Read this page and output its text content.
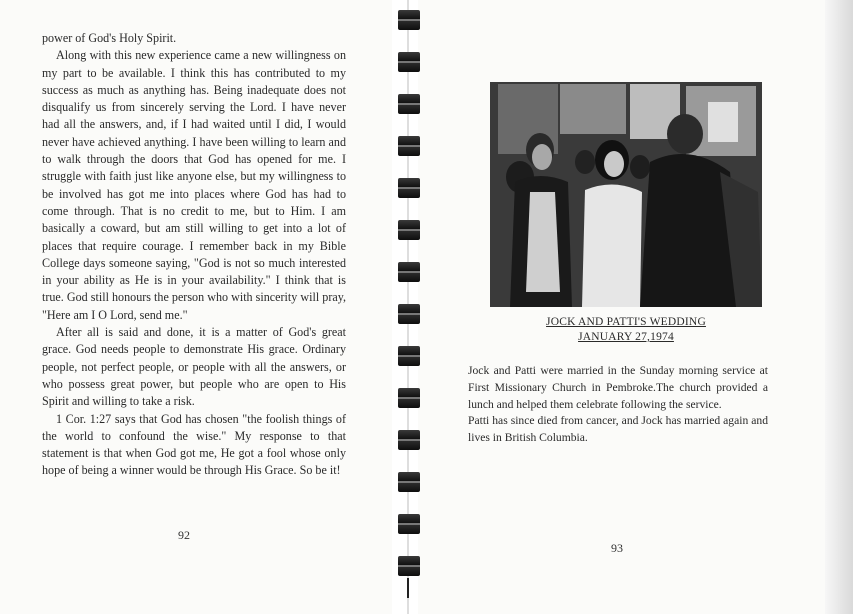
power of God's Holy Spirit.

Along with this new experience came a new willingness on my part to be available. I think this has contributed to my success as much as anything has. Being inadequate does not disqualify us from sincerely serving the Lord. I have never had all the answers, and, if I had waited until I did, I would never have achieved anything. I have been willing to learn and to walk through the doors that God has opened for me. I struggle with faith just like anyone else, but my willingness to be involved has got me into places where God has had to come through. That is no credit to me, but to Him. I am basically a coward, but am still willing to get into a lot of places that require courage. I remember back in my Bible College days someone saying, "God is not so much interested in your ability as He is in your availability." I think that is true. God still honours the person who with sincerity will pray, "Here am I O Lord, send me."

After all is said and done, it is a matter of God's great grace. God needs people to demonstrate His grace. Ordinary people, not perfect people, or people with all the answers, or who possess great power, but people who are open to His Spirit and willing to take a risk.

1 Cor. 1:27 says that God has chosen "the foolish things of the world to confound the wise." My response to that statement is that when God got me, He got a fool whose only hope of being a winner would be through His Grace. So be it!

92
93
JOCK AND PATTI'S WEDDING
JANUARY 27,1974

Jock and Patti were married in the Sunday morning service at First Missionary Church in Pembroke.The church provided a lunch and helped them celebrate following the service.

Patti has since died from cancer, and Jock has married again and lives in British Columbia.
